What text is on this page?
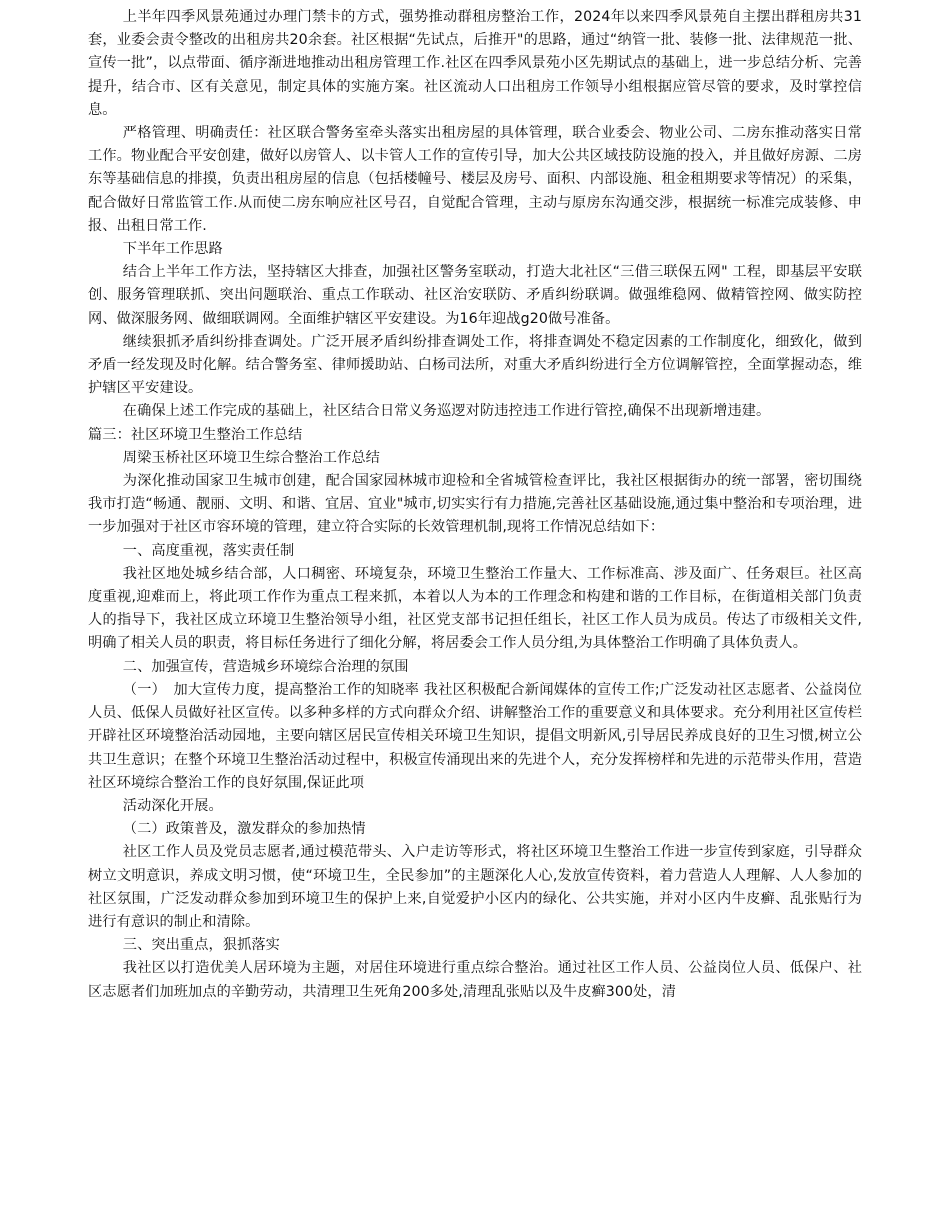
上半年四季风景苑通过办理门禁卡的方式，强势推动群租房整治工作，2024年以来四季风景苑自主摆出群租房共31套，业委会责令整改的出租房共20余套。社区根据“先试点，后推开"的思路，通过“纳管一批、装修一批、法律规范一批、宣传一批”，以点带面、循序渐进地推动出租房管理工作.社区在四季风景苑小区先期试点的基础上，进一步总结分析、完善提升，结合市、区有关意见，制定具体的实施方案。社区流动人口出租房工作领导小组根据应管尽管的要求，及时掌控信息。

严格管理、明确责任：社区联合警务室牵头落实出租房屋的具体管理，联合业委会、物业公司、二房东推动落实日常工作。物业配合平安创建，做好以房管人、以卡管人工作的宣传引导，加大公共区域技防设施的投入，并且做好房源、二房东等基础信息的排摸，负责出租房屋的信息（包括楼幢号、楼层及房号、面积、内部设施、租金租期要求等情况）的采集，配合做好日常监管工作.从而使二房东响应社区号召，自觉配合管理，主动与原房东沟通交涉，根据统一标准完成装修、申报、出租日常工作.

下半年工作思路

结合上半年工作方法，坚持辖区大排查，加强社区警务室联动，打造大北社区“三借三联保五网" 工程，即基层平安联创、服务管理联抓、突出问题联治、重点工作联动、社区治安联防、矛盾纠纷联调。做强维稳网、做精管控网、做实防控网、做深服务网、做细联调网。全面维护辖区平安建设。为16年迎战g20做号准备。

继续狠抓矛盾纠纷排查调处。广泛开展矛盾纠纷排查调处工作，将排查调处不稳定因素的工作制度化，细致化，做到矛盾一经发现及时化解。结合警务室、律师援助站、白杨司法所，对重大矛盾纠纷进行全方位调解管控，全面掌握动态，维护辖区平安建设。

在确保上述工作完成的基础上，社区结合日常义务巡逻对防违控违工作进行管控,确保不出现新增违建。

篇三：社区环境卫生整治工作总结

周梁玉桥社区环境卫生综合整治工作总结

为深化推动国家卫生城市创建，配合国家园林城市迎检和全省城管检查评比，我社区根据街办的统一部署，密切围绕我市打造“畅通、靓丽、文明、和谐、宜居、宜业"城市,切实实行有力措施,完善社区基础设施,通过集中整治和专项治理，进一步加强对于社区市容环境的管理，建立符合实际的长效管理机制,现将工作情况总结如下：

一、高度重视，落实责任制

我社区地处城乡结合部，人口稠密、环境复杂，环境卫生整治工作量大、工作标准高、涉及面广、任务艰巨。社区高度重视,迎难而上，将此项工作作为重点工程来抓，本着以人为本的工作理念和构建和谐的工作目标，在街道相关部门负责人的指导下，我社区成立环境卫生整治领导小组，社区党支部书记担任组长，社区工作人员为成员。传达了市级相关文件,明确了相关人员的职责，将目标任务进行了细化分解，将居委会工作人员分组,为具体整治工作明确了具体负责人。

二、加强宣传，营造城乡环境综合治理的氛围

（一）　加大宣传力度，提高整治工作的知晓率 我社区积极配合新闻媒体的宣传工作;广泛发动社区志愿者、公益岗位人员、低保人员做好社区宣传。以多种多样的方式向群众介绍、讲解整治工作的重要意义和具体要求。充分利用社区宣传栏开辟社区环境整治活动园地，主要向辖区居民宣传相关环境卫生知识，提倡文明新风,引导居民养成良好的卫生习惯,树立公共卫生意识；在整个环境卫生整治活动过程中，积极宣传涌现出来的先进个人，充分发挥榜样和先进的示范带头作用，营造社区环境综合整治工作的良好氛围,保证此项

活动深化开展。

（二）政策普及，激发群众的参加热情

社区工作人员及党员志愿者,通过模范带头、入户走访等形式，将社区环境卫生整治工作进一步宣传到家庭，引导群众树立文明意识，养成文明习惯，使“环境卫生，全民参加”的主题深化人心,发放宣传资料，着力营造人人理解、人人参加的社区氛围，广泛发动群众参加到环境卫生的保护上来,自觉爱护小区内的绿化、公共实施，并对小区内牛皮癣、乱张贴行为进行有意识的制止和清除。

三、突出重点，狠抓落实

我社区以打造优美人居环境为主题，对居住环境进行重点综合整治。通过社区工作人员、公益岗位人员、低保户、社区志愿者们加班加点的辛勤劳动，共清理卫生死角200多处,清理乱张贴以及牛皮癣300处，清
